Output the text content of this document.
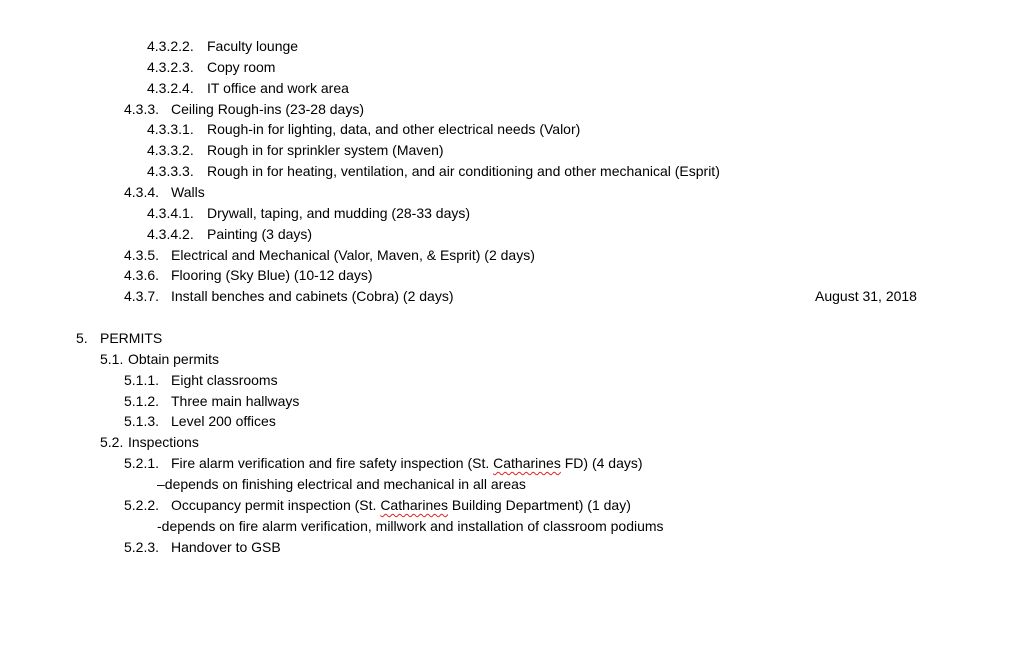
4.3.2.2. Faculty lounge
4.3.2.3. Copy room
4.3.2.4. IT office and work area
4.3.3. Ceiling Rough-ins (23-28 days)
4.3.3.1. Rough-in for lighting, data, and other electrical needs (Valor)
4.3.3.2. Rough in for sprinkler system (Maven)
4.3.3.3. Rough in for heating, ventilation, and air conditioning and other mechanical (Esprit)
4.3.4. Walls
4.3.4.1. Drywall, taping, and mudding (28-33 days)
4.3.4.2. Painting (3 days)
4.3.5. Electrical and Mechanical (Valor, Maven, & Esprit) (2 days)
4.3.6. Flooring (Sky Blue) (10-12 days)
4.3.7. Install benches and cabinets (Cobra) (2 days)	August 31, 2018
5. PERMITS
5.1. Obtain permits
5.1.1. Eight classrooms
5.1.2. Three main hallways
5.1.3. Level 200 offices
5.2. Inspections
5.2.1. Fire alarm verification and fire safety inspection (St. Catharines FD) (4 days)
–depends on finishing electrical and mechanical in all areas
5.2.2. Occupancy permit inspection (St. Catharines Building Department) (1 day)
-depends on fire alarm verification, millwork and installation of classroom podiums
5.2.3. Handover to GSB
